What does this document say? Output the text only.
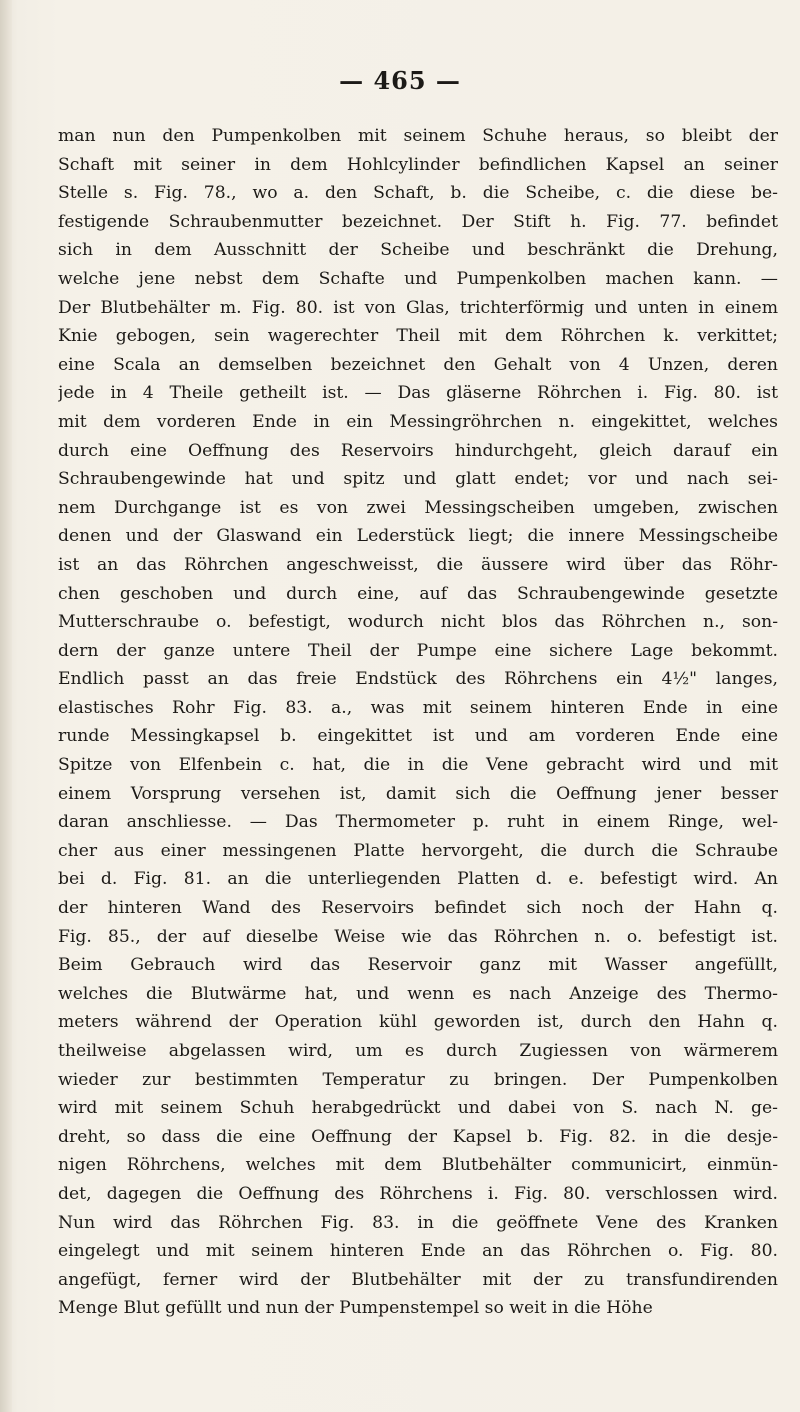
— 465 —
man nun den Pumpenkolben mit seinem Schuhe heraus, so bleibt der
Schaft mit seiner in dem Hohlcylinder befindlichen Kapsel an seiner
Stelle s. Fig. 78., wo a. den Schaft, b. die Scheibe, c. die diese be-
festigende Schraubenmutter bezeichnet. Der Stift h. Fig. 77. befindet
sich in dem Ausschnitt der Scheibe und beschränkt die Drehung,
welche jene nebst dem Schafte und Pumpenkolben machen kann. —
Der Blutbehälter m. Fig. 80. ist von Glas, trichterförmig und unten in einem
Knie gebogen, sein wagerechter Theil mit dem Röhrchen k. verkittet;
eine Scala an demselben bezeichnet den Gehalt von 4 Unzen, deren
jede in 4 Theile getheilt ist. — Das gläserne Röhrchen i. Fig. 80. ist
mit dem vorderen Ende in ein Messingröhrchen n. eingekittet, welches
durch eine Oeffnung des Reservoirs hindurchgeht, gleich darauf ein
Schraubengewinde hat und spitz und glatt endet; vor und nach sei-
nem Durchgange ist es von zwei Messingscheiben umgeben, zwischen
denen und der Glaswand ein Lederstück liegt; die innere Messingscheibe
ist an das Röhrchen angeschweisst, die äussere wird über das Röhr-
chen geschoben und durch eine, auf das Schraubengewinde gesetzte
Mutterschraube o. befestigt, wodurch nicht blos das Röhrchen n., son-
dern der ganze untere Theil der Pumpe eine sichere Lage bekommt.
Endlich passt an das freie Endstück des Röhrchens ein 4½" langes,
elastisches Rohr Fig. 83. a., was mit seinem hinteren Ende in eine
runde Messingkapsel b. eingekittet ist und am vorderen Ende eine
Spitze von Elfenbein c. hat, die in die Vene gebracht wird und mit
einem Vorsprung versehen ist, damit sich die Oeffnung jener besser
daran anschliesse. — Das Thermometer p. ruht in einem Ringe, wel-
cher aus einer messingenen Platte hervorgeht, die durch die Schraube
bei d. Fig. 81. an die unterliegenden Platten d. e. befestigt wird. An
der hinteren Wand des Reservoirs befindet sich noch der Hahn q.
Fig. 85., der auf dieselbe Weise wie das Röhrchen n. o. befestigt ist.
Beim Gebrauch wird das Reservoir ganz mit Wasser angefüllt,
welches die Blutwärme hat, und wenn es nach Anzeige des Thermo-
meters während der Operation kühl geworden ist, durch den Hahn q.
theilweise abgelassen wird, um es durch Zugiessen von wärmerem
wieder zur bestimmten Temperatur zu bringen. Der Pumpenkolben
wird mit seinem Schuh herabgedrückt und dabei von S. nach N. ge-
dreht, so dass die eine Oeffnung der Kapsel b. Fig. 82. in die desje-
nigen Röhrchens, welches mit dem Blutbehälter communicirt, einmün-
det, dagegen die Oeffnung des Röhrchens i. Fig. 80. verschlossen wird.
Nun wird das Röhrchen Fig. 83. in die geöffnete Vene des Kranken
eingelegt und mit seinem hinteren Ende an das Röhrchen o. Fig. 80.
angefügt, ferner wird der Blutbehälter mit der zu transfundirenden
Menge Blut gefüllt und nun der Pumpenstempel so weit in die Höhe
